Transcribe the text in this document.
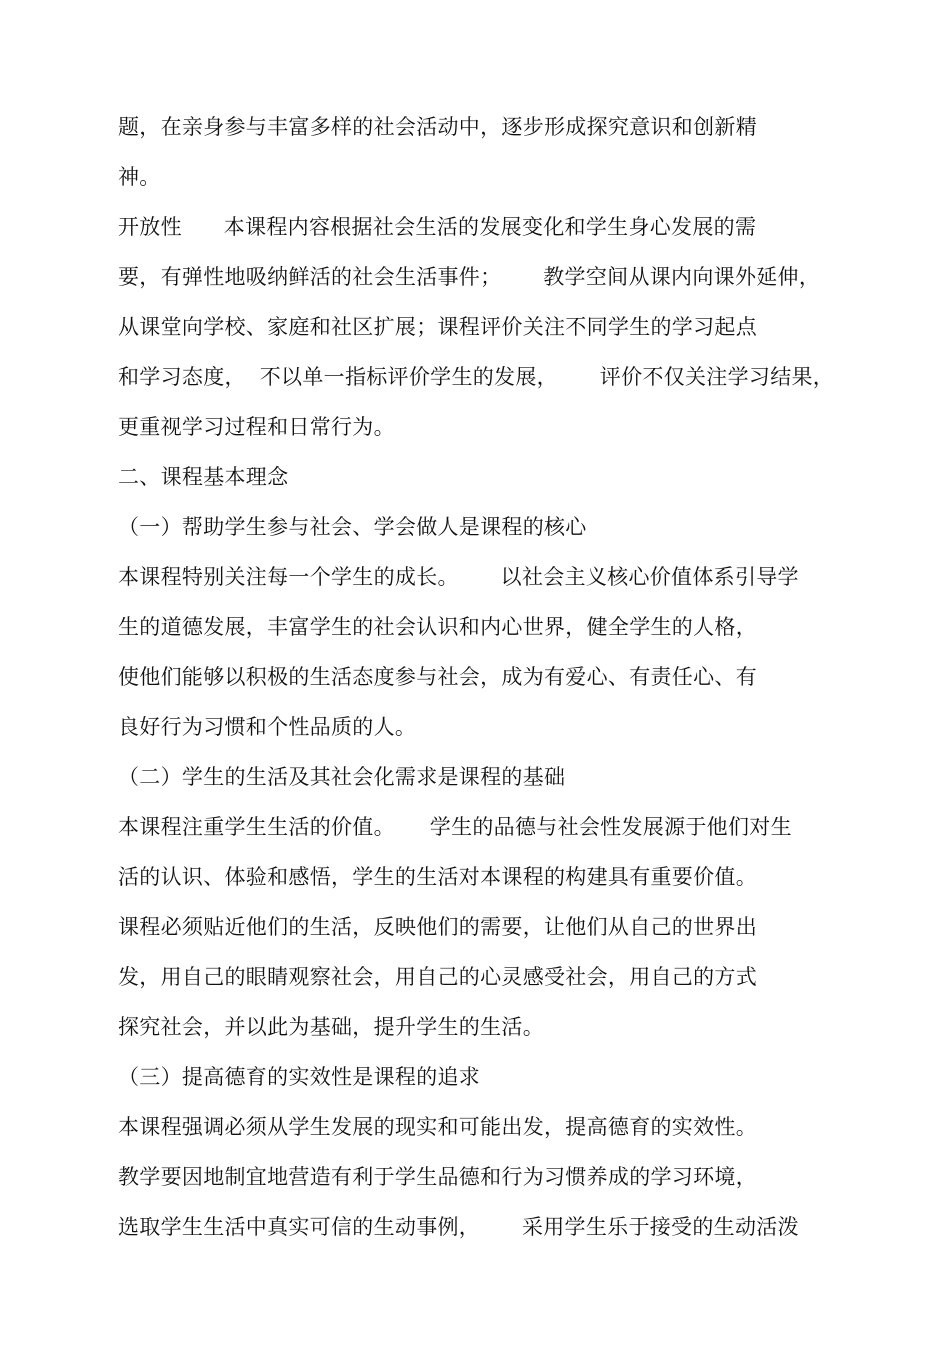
题，在亲身参与丰富多样的社会活动中，逐步形成探究意识和创新精
神。
开放性      本课程内容根据社会生活的发展变化和学生身心发展的需
要，有弹性地吸纳鲜活的社会生活事件；      教学空间从课内向课外延伸，
从课堂向学校、家庭和社区扩展；课程评价关注不同学生的学习起点
和学习态度，  不以单一指标评价学生的发展，      评价不仅关注学习结果，
更重视学习过程和日常行为。
二、课程基本理念
（一）帮助学生参与社会、学会做人是课程的核心
本课程特别关注每一个学生的成长。      以社会主义核心价值体系引导学
生的道德发展，丰富学生的社会认识和内心世界，健全学生的人格，
使他们能够以积极的生活态度参与社会，成为有爱心、有责任心、有
良好行为习惯和个性品质的人。
（二）学生的生活及其社会化需求是课程的基础
本课程注重学生生活的价值。     学生的品德与社会性发展源于他们对生
活的认识、体验和感悟，学生的生活对本课程的构建具有重要价值。
课程必须贴近他们的生活，反映他们的需要，让他们从自己的世界出
发，用自己的眼睛观察社会，用自己的心灵感受社会，用自己的方式
探究社会，并以此为基础，提升学生的生活。
（三）提高德育的实效性是课程的追求
本课程强调必须从学生发展的现实和可能出发，提高德育的实效性。
教学要因地制宜地营造有利于学生品德和行为习惯养成的学习环境，
选取学生生活中真实可信的生动事例，      采用学生乐于接受的生动活泼
